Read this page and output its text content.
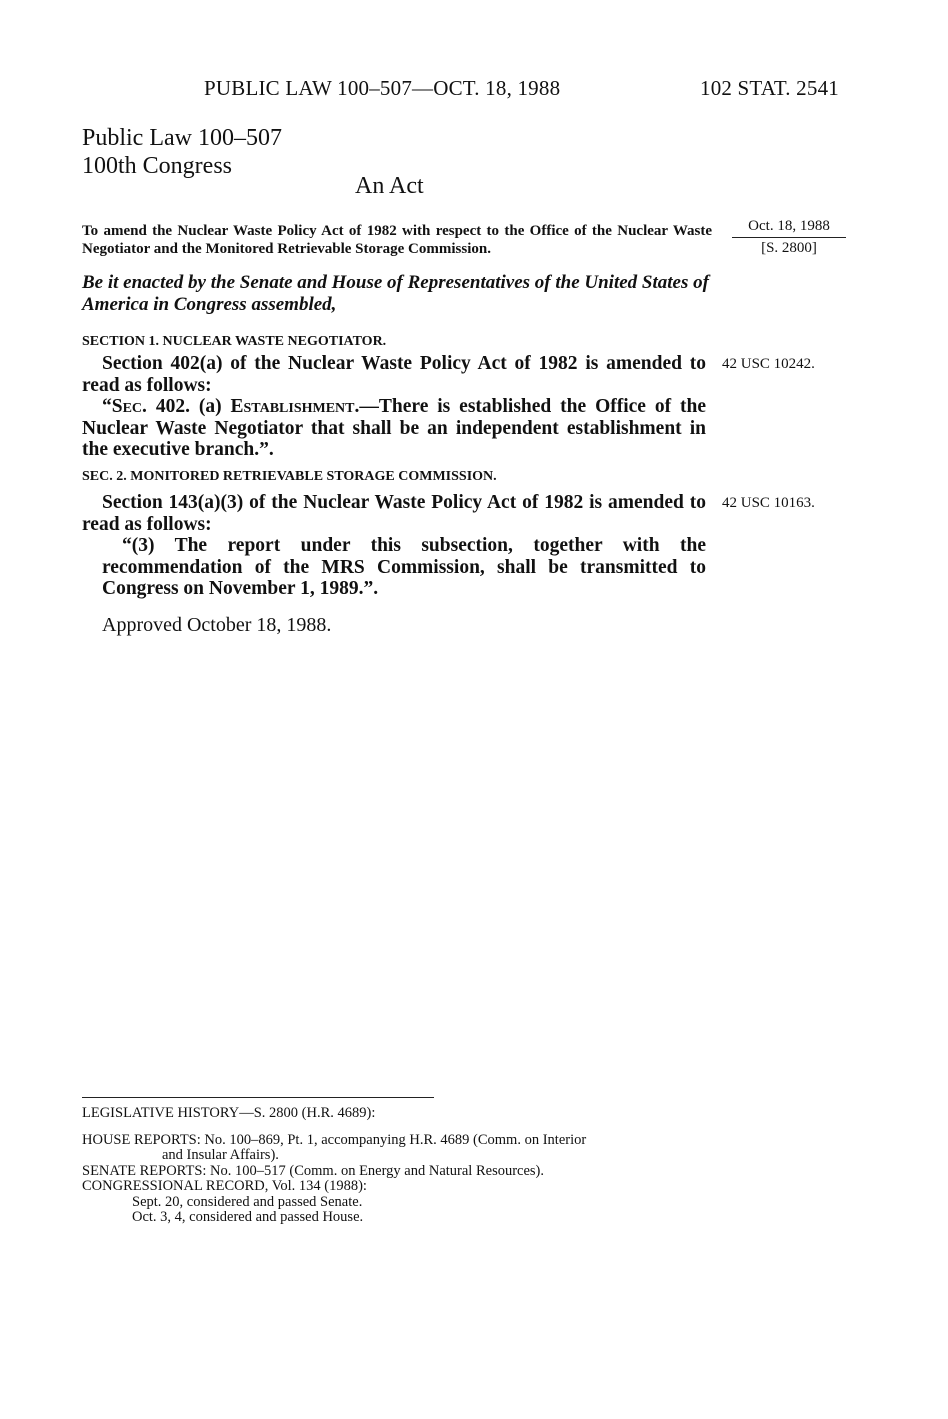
PUBLIC LAW 100–507—OCT. 18, 1988	102 STAT. 2541
Public Law 100–507
100th Congress
An Act
To amend the Nuclear Waste Policy Act of 1982 with respect to the Office of the Nuclear Waste Negotiator and the Monitored Retrievable Storage Commission.
Oct. 18, 1988
[S. 2800]
Be it enacted by the Senate and House of Representatives of the United States of America in Congress assembled,
SECTION 1. NUCLEAR WASTE NEGOTIATOR.

Section 402(a) of the Nuclear Waste Policy Act of 1982 is amended to read as follows:

“Sec. 402. (a) Establishment.—There is established the Office of the Nuclear Waste Negotiator that shall be an independent establishment in the executive branch.”.

42 USC 10242.
SEC. 2. MONITORED RETRIEVABLE STORAGE COMMISSION.

Section 143(a)(3) of the Nuclear Waste Policy Act of 1982 is amended to read as follows:

“(3) The report under this subsection, together with the recommendation of the MRS Commission, shall be transmitted to Congress on November 1, 1989.”.

42 USC 10163.
Approved October 18, 1988.
LEGISLATIVE HISTORY—S. 2800 (H.R. 4689):
HOUSE REPORTS: No. 100–869, Pt. 1, accompanying H.R. 4689 (Comm. on Interior
and Insular Affairs).
SENATE REPORTS: No. 100–517 (Comm. on Energy and Natural Resources).
CONGRESSIONAL RECORD, Vol. 134 (1988):
Sept. 20, considered and passed Senate.
Oct. 3, 4, considered and passed House.
